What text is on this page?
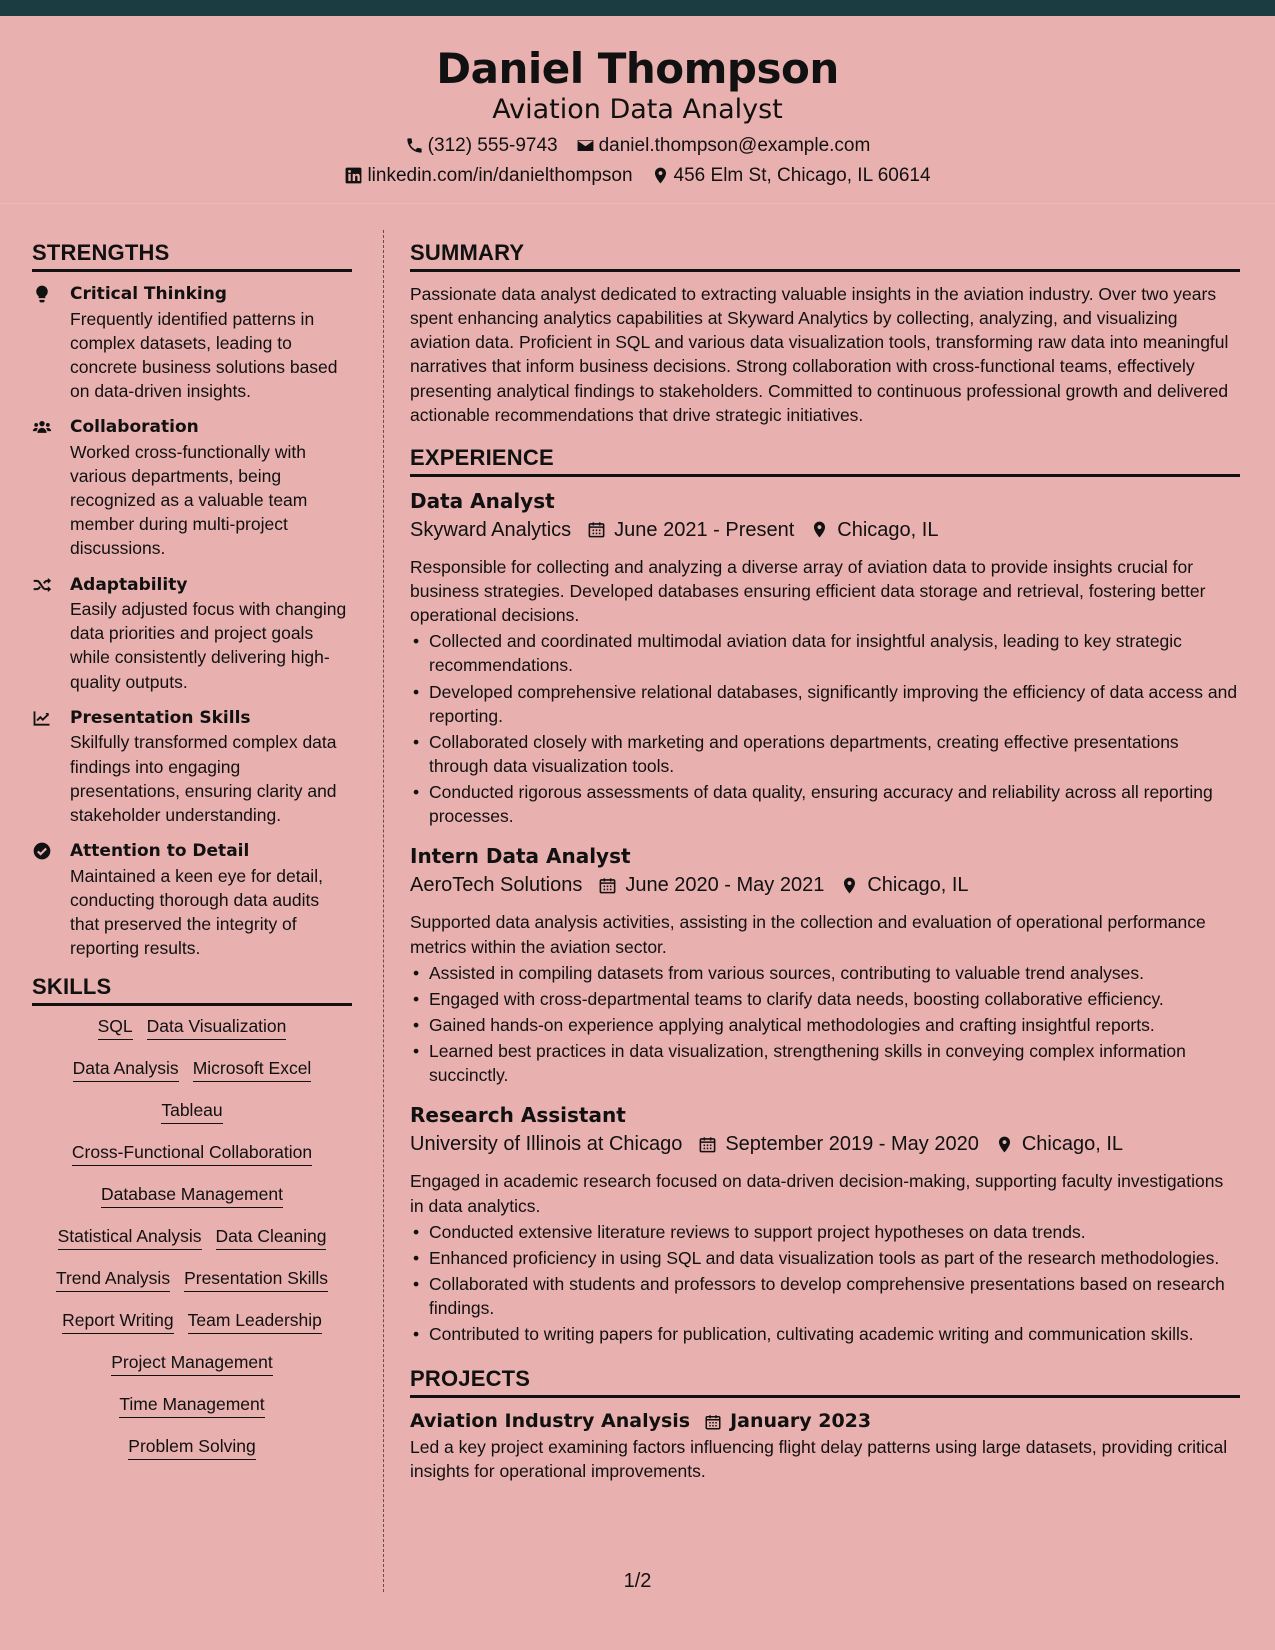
Daniel Thompson
Aviation Data Analyst
(312) 555-9743 daniel.thompson@example.com
linkedin.com/in/danielthompson 456 Elm St, Chicago, IL 60614
STRENGTHS
Critical Thinking
Frequently identified patterns in complex datasets, leading to concrete business solutions based on data-driven insights.
Collaboration
Worked cross-functionally with various departments, being recognized as a valuable team member during multi-project discussions.
Adaptability
Easily adjusted focus with changing data priorities and project goals while consistently delivering high-quality outputs.
Presentation Skills
Skilfully transformed complex data findings into engaging presentations, ensuring clarity and stakeholder understanding.
Attention to Detail
Maintained a keen eye for detail, conducting thorough data audits that preserved the integrity of reporting results.
SKILLS
SQL Data Visualization
Data Analysis Microsoft Excel
Tableau
Cross-Functional Collaboration
Database Management
Statistical Analysis Data Cleaning
Trend Analysis Presentation Skills
Report Writing Team Leadership
Project Management
Time Management
Problem Solving
SUMMARY

Passionate data analyst dedicated to extracting valuable insights in the aviation industry. Over two years spent enhancing analytics capabilities at Skyward Analytics by collecting, analyzing, and visualizing aviation data. Proficient in SQL and various data visualization tools, transforming raw data into meaningful narratives that inform business decisions. Strong collaboration with cross-functional teams, effectively presenting analytical findings to stakeholders. Committed to continuous professional growth and delivered actionable recommendations that drive strategic initiatives.

EXPERIENCE
Data Analyst
Skyward Analytics June 2021 - Present Chicago, IL

Responsible for collecting and analyzing a diverse array of aviation data to provide insights crucial for business strategies. Developed databases ensuring efficient data storage and retrieval, fostering better operational decisions.

• Collected and coordinated multimodal aviation data for insightful analysis, leading to key strategic recommendations.
• Developed comprehensive relational databases, significantly improving the efficiency of data access and reporting.
• Collaborated closely with marketing and operations departments, creating effective presentations through data visualization tools.
• Conducted rigorous assessments of data quality, ensuring accuracy and reliability across all reporting processes.
Intern Data Analyst
AeroTech Solutions June 2020 - May 2021 Chicago, IL

Supported data analysis activities, assisting in the collection and evaluation of operational performance metrics within the aviation sector.

• Assisted in compiling datasets from various sources, contributing to valuable trend analyses.
• Engaged with cross-departmental teams to clarify data needs, boosting collaborative efficiency.
• Gained hands-on experience applying analytical methodologies and crafting insightful reports.
• Learned best practices in data visualization, strengthening skills in conveying complex information succinctly.
Research Assistant
University of Illinois at Chicago September 2019 - May 2020 Chicago, IL

Engaged in academic research focused on data-driven decision-making, supporting faculty investigations in data analytics.

• Conducted extensive literature reviews to support project hypotheses on data trends.
• Enhanced proficiency in using SQL and data visualization tools as part of the research methodologies.
• Collaborated with students and professors to develop comprehensive presentations based on research findings.
• Contributed to writing papers for publication, cultivating academic writing and communication skills.
PROJECTS
Aviation Industry Analysis January 2023

Led a key project examining factors influencing flight delay patterns using large datasets, providing critical insights for operational improvements.

1/2
